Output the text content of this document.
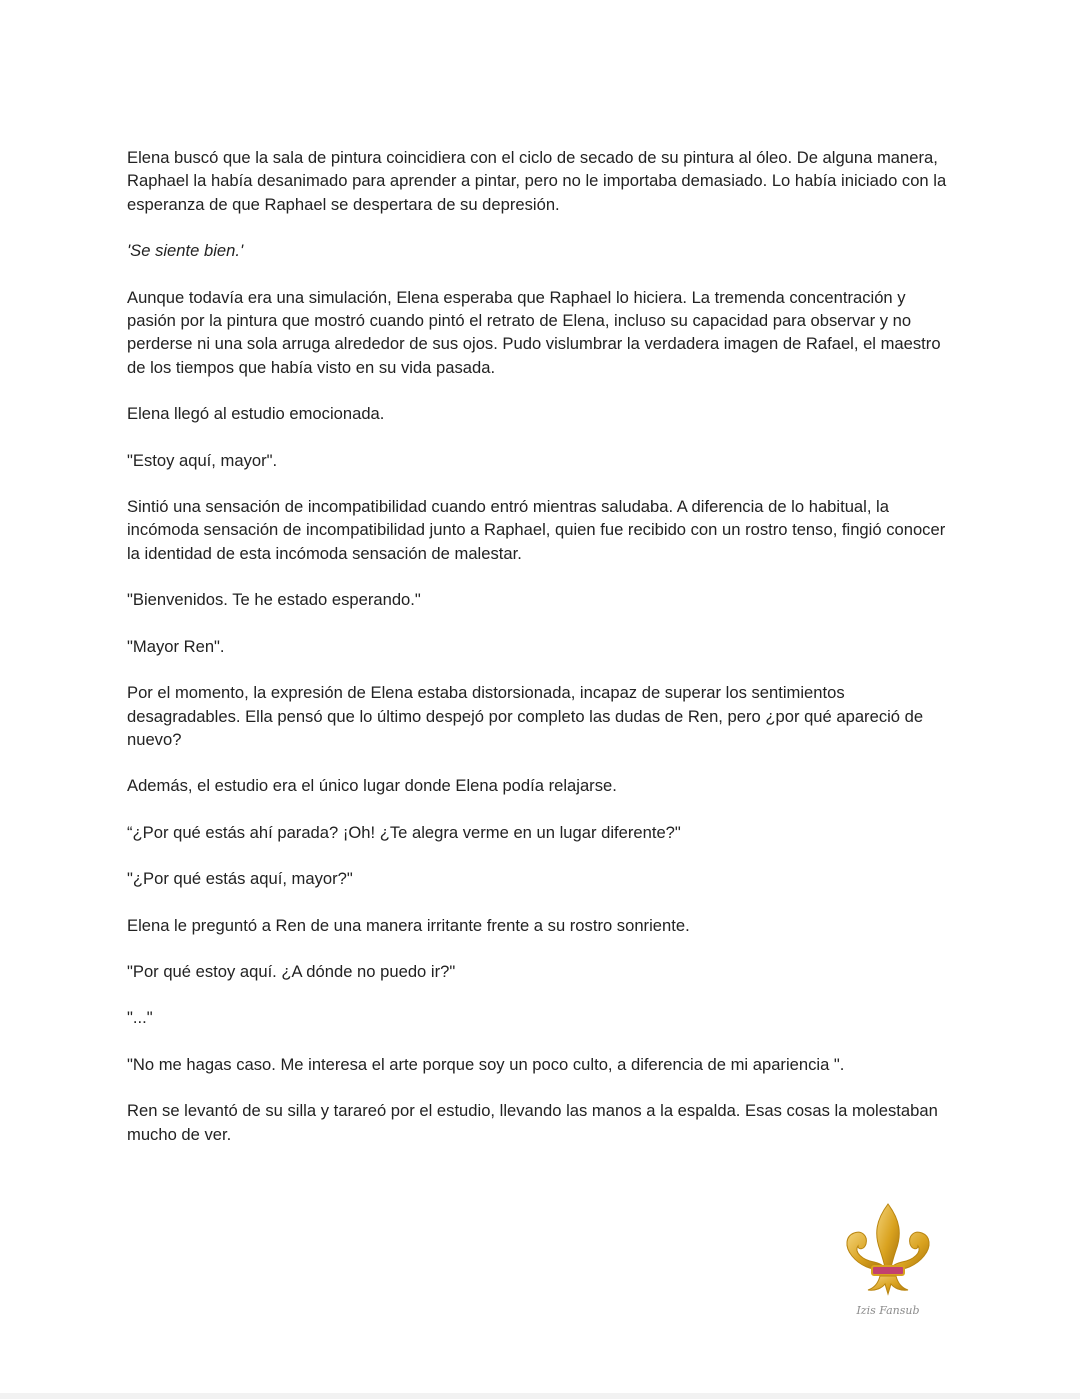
Elena buscó que la sala de pintura coincidiera con el ciclo de secado de su pintura al óleo. De alguna manera, Raphael la había desanimado para aprender a pintar, pero no le importaba demasiado. Lo había iniciado con la esperanza de que Raphael se despertara de su depresión.

'Se siente bien.'

Aunque todavía era una simulación, Elena esperaba que Raphael lo hiciera. La tremenda concentración y pasión por la pintura que mostró cuando pintó el retrato de Elena, incluso su capacidad para observar y no perderse ni una sola arruga alrededor de sus ojos. Pudo vislumbrar la verdadera imagen de Rafael, el maestro de los tiempos que había visto en su vida pasada.

Elena llegó al estudio emocionada.

"Estoy aquí, mayor".

Sintió una sensación de incompatibilidad cuando entró mientras saludaba. A diferencia de lo habitual, la incómoda sensación de incompatibilidad junto a Raphael, quien fue recibido con un rostro tenso, fingió conocer la identidad de esta incómoda sensación de malestar.

"Bienvenidos. Te he estado esperando."

"Mayor Ren".

Por el momento, la expresión de Elena estaba distorsionada, incapaz de superar los sentimientos desagradables. Ella pensó que lo último despejó por completo las dudas de Ren, pero ¿por qué apareció de nuevo?

Además, el estudio era el único lugar donde Elena podía relajarse.

“¿Por qué estás ahí parada? ¡Oh! ¿Te alegra verme en un lugar diferente?"

"¿Por qué estás aquí, mayor?"

Elena le preguntó a Ren de una manera irritante frente a su rostro sonriente.

"Por qué estoy aquí. ¿A dónde no puedo ir?"

"..."

"No me hagas caso. Me interesa el arte porque soy un poco culto, a diferencia de mi apariencia ".

Ren se levantó de su silla y tarareó por el estudio, llevando las manos a la espalda. Esas cosas la molestaban mucho de ver.

Izis Fansub
